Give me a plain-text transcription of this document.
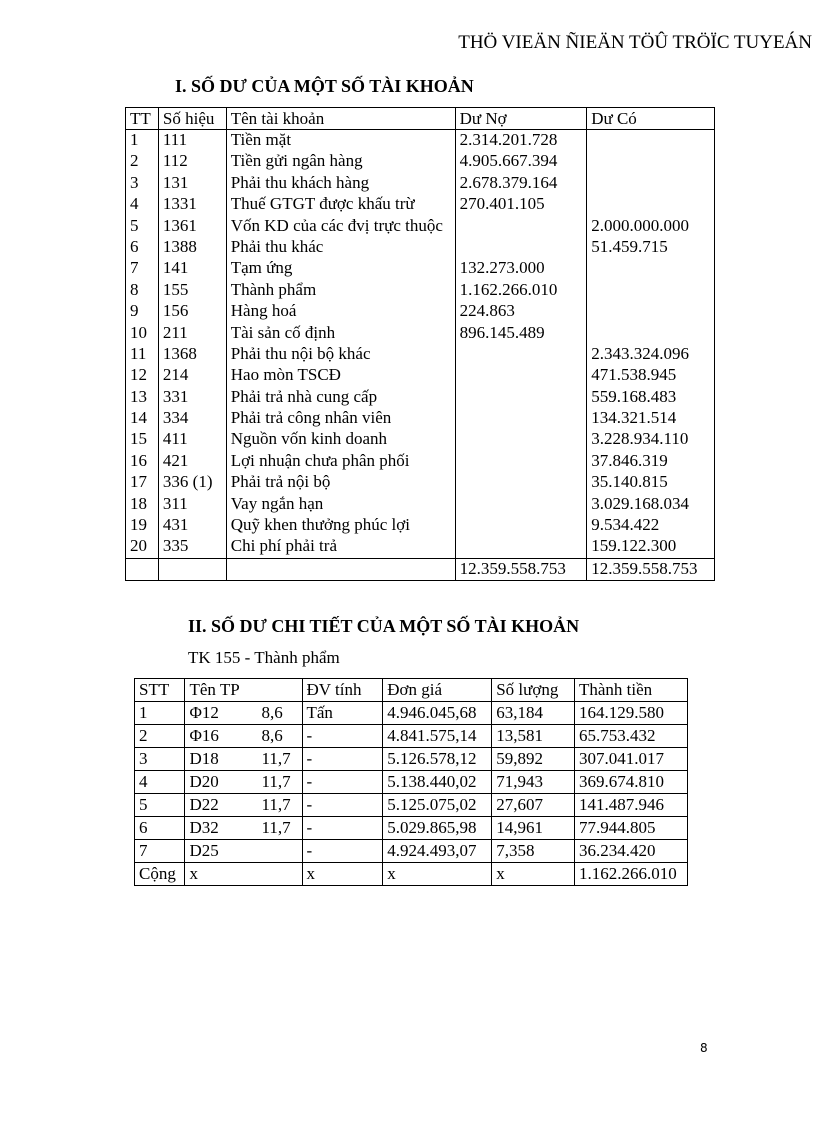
THÖ VIEÄN ÑIEÄN TÖÛ TRÖÏC TUYEÁN
I. SỐ DƯ CỦA MỘT SỐ TÀI KHOẢN
TT	Số hiệu	Tên tài khoản	Dư Nợ	Dư Có
1	111	Tiền mặt	2.314.201.728	
2	112	Tiền gửi ngân hàng	4.905.667.394	
3	131	Phải thu khách hàng	2.678.379.164	
4	1331	Thuế GTGT được khấu trừ	270.401.105	
5	1361	Vốn KD của các đvị trực thuộc		2.000.000.000
6	1388	Phải thu khác		51.459.715
7	141	Tạm ứng	132.273.000	
8	155	Thành phẩm	1.162.266.010	
9	156	Hàng hoá	224.863	
10	211	Tài sản cố định	896.145.489	
11	1368	Phải thu nội bộ khác		2.343.324.096
12	214	Hao mòn TSCĐ		471.538.945
13	331	Phải trả nhà cung cấp		559.168.483
14	334	Phải trả công nhân viên		134.321.514
15	411	Nguồn vốn kinh doanh		3.228.934.110
16	421	Lợi nhuận chưa phân phối		37.846.319
17	336 (1)	Phải trả nội bộ		35.140.815
18	311	Vay ngắn hạn		3.029.168.034
19	431	Quỹ khen thưởng phúc lợi		9.534.422
20	335	Chi phí phải trả		159.122.300
			12.359.558.753	12.359.558.753
II. SỐ DƯ CHI TIẾT CỦA MỘT SỐ TÀI KHOẢN
TK 155 - Thành phẩm
STT	Tên TP	ĐV tính	Đơn giá	Số lượng	Thành tiền
1	Φ12 8,6	Tấn	4.946.045,68	63,184	164.129.580
2	Φ16 8,6	-	4.841.575,14	13,581	65.753.432
3	D18 11,7	-	5.126.578,12	59,892	307.041.017
4	D20 11,7	-	5.138.440,02	71,943	369.674.810
5	D22 11,7	-	5.125.075,02	27,607	141.487.946
6	D32 11,7	-	5.029.865,98	14,961	77.944.805
7	D25	-	4.924.493,07	7,358	36.234.420
Cộng	x	x	x	x	1.162.266.010
8
